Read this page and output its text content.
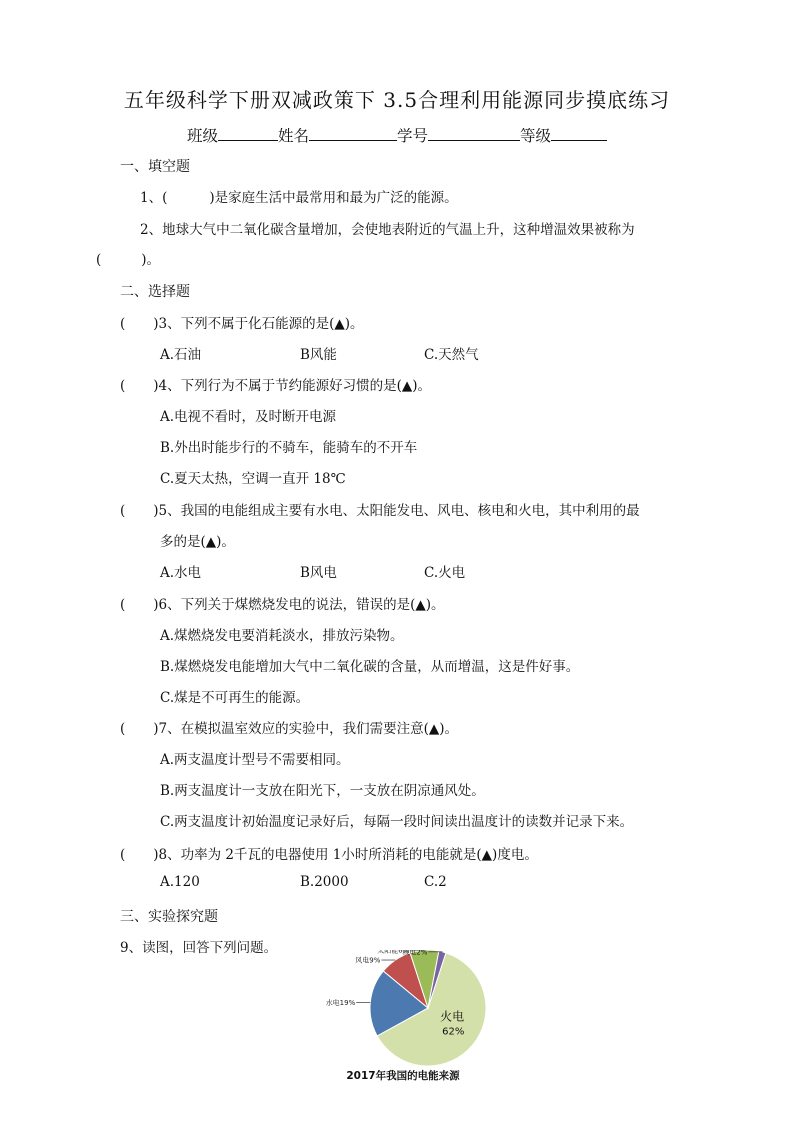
五年级科学下册双减政策下 3.5合理利用能源同步摸底练习
班级	姓名	学号	等级
一、填空题
1、(	)是家庭生活中最常用和最为广泛的能源。
2、地球大气中二氧化碳含量增加，会使地表附近的气温上升，这种增温效果被称为
(	)。
二、选择题
( )3、下列不属于化石能源的是(▲)。
A.石油	B风能	C.天然气
( )4、下列行为不属于节约能源好习惯的是(▲)。
A.电视不看时，及时断开电源
B.外出时能步行的不骑车，能骑车的不开车
C.夏天太热，空调一直开 18℃
( )5、我国的电能组成主要有水电、太阳能发电、风电、核电和火电，其中利用的最
多的是(▲)。
A.水电	B风电	C.火电
( )6、下列关于煤燃烧发电的说法，错误的是(▲)。
A.煤燃烧发电要消耗淡水，排放污染物。
B.煤燃烧发电能增加大气中二氧化碳的含量，从而增温，这是件好事。
C.煤是不可再生的能源。
( )7、在模拟温室效应的实验中，我们需要注意(▲)。
A.两支温度计型号不需要相同。
B.两支温度计一支放在阳光下，一支放在阴凉通风处。
C.两支温度计初始温度记录好后，每隔一段时间读出温度计的读数并记录下来。
( )8、功率为 2千瓦的电器使用 1小时所消耗的电能就是(▲)度电。
A.120	B.2000	C.2
三、实验探究题
9、读图，回答下列问题。
火电
62%
水电19%
风电9%
太阳能8%
核电2%
2017年我国的电能来源
